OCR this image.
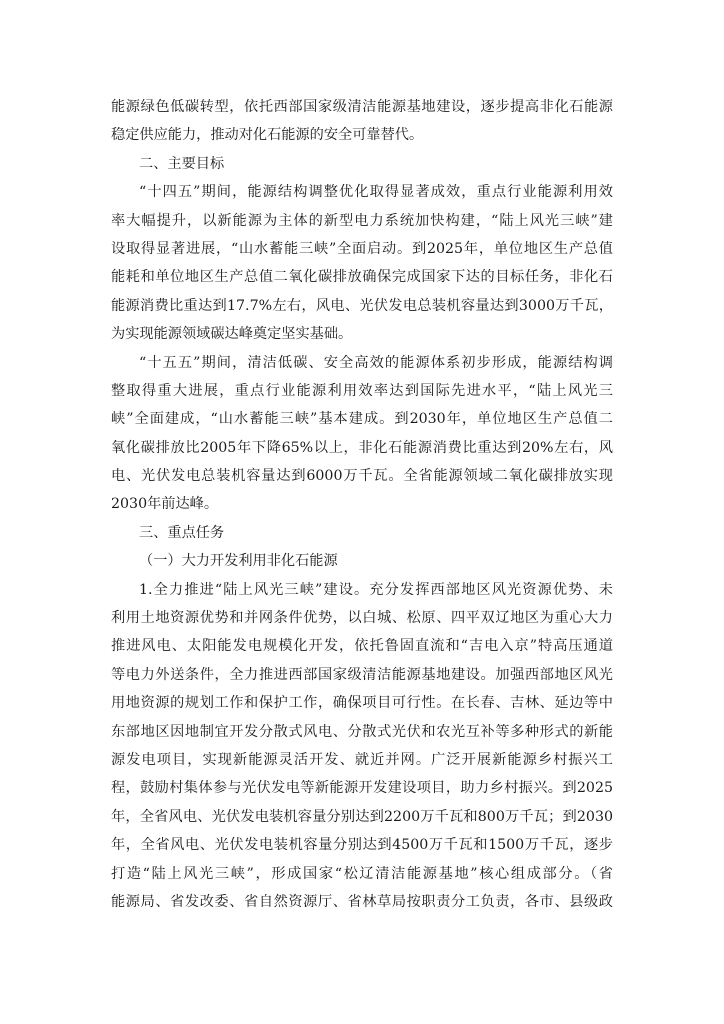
能源绿色低碳转型，依托西部国家级清洁能源基地建设，逐步提高非化石能源
稳定供应能力，推动对化石能源的安全可靠替代。
二、主要目标
“十四五”期间，能源结构调整优化取得显著成效，重点行业能源利用效
率大幅提升，以新能源为主体的新型电力系统加快构建，“陆上风光三峡”建
设取得显著进展，“山水蓄能三峡”全面启动。到2025年，单位地区生产总值
能耗和单位地区生产总值二氧化碳排放确保完成国家下达的目标任务，非化石
能源消费比重达到17.7%左右，风电、光伏发电总装机容量达到3000万千瓦，
为实现能源领域碳达峰奠定坚实基础。
“十五五”期间，清洁低碳、安全高效的能源体系初步形成，能源结构调
整取得重大进展，重点行业能源利用效率达到国际先进水平，“陆上风光三
峡”全面建成，“山水蓄能三峡”基本建成。到2030年，单位地区生产总值二
氧化碳排放比2005年下降65%以上，非化石能源消费比重达到20%左右，风
电、光伏发电总装机容量达到6000万千瓦。全省能源领域二氧化碳排放实现
2030年前达峰。
三、重点任务
（一）大力开发利用非化石能源
1.全力推进“陆上风光三峡”建设。充分发挥西部地区风光资源优势、未
利用土地资源优势和并网条件优势，以白城、松原、四平双辽地区为重心大力
推进风电、太阳能发电规模化开发，依托鲁固直流和“吉电入京”特高压通道
等电力外送条件，全力推进西部国家级清洁能源基地建设。加强西部地区风光
用地资源的规划工作和保护工作，确保项目可行性。在长春、吉林、延边等中
东部地区因地制宜开发分散式风电、分散式光伏和农光互补等多种形式的新能
源发电项目，实现新能源灵活开发、就近并网。广泛开展新能源乡村振兴工
程，鼓励村集体参与光伏发电等新能源开发建设项目，助力乡村振兴。到2025
年，全省风电、光伏发电装机容量分别达到2200万千瓦和800万千瓦；到2030
年，全省风电、光伏发电装机容量分别达到4500万千瓦和1500万千瓦，逐步
打造“陆上风光三峡”，形成国家“松辽清洁能源基地”核心组成部分。（省
能源局、省发改委、省自然资源厅、省林草局按职责分工负责，各市、县级政
